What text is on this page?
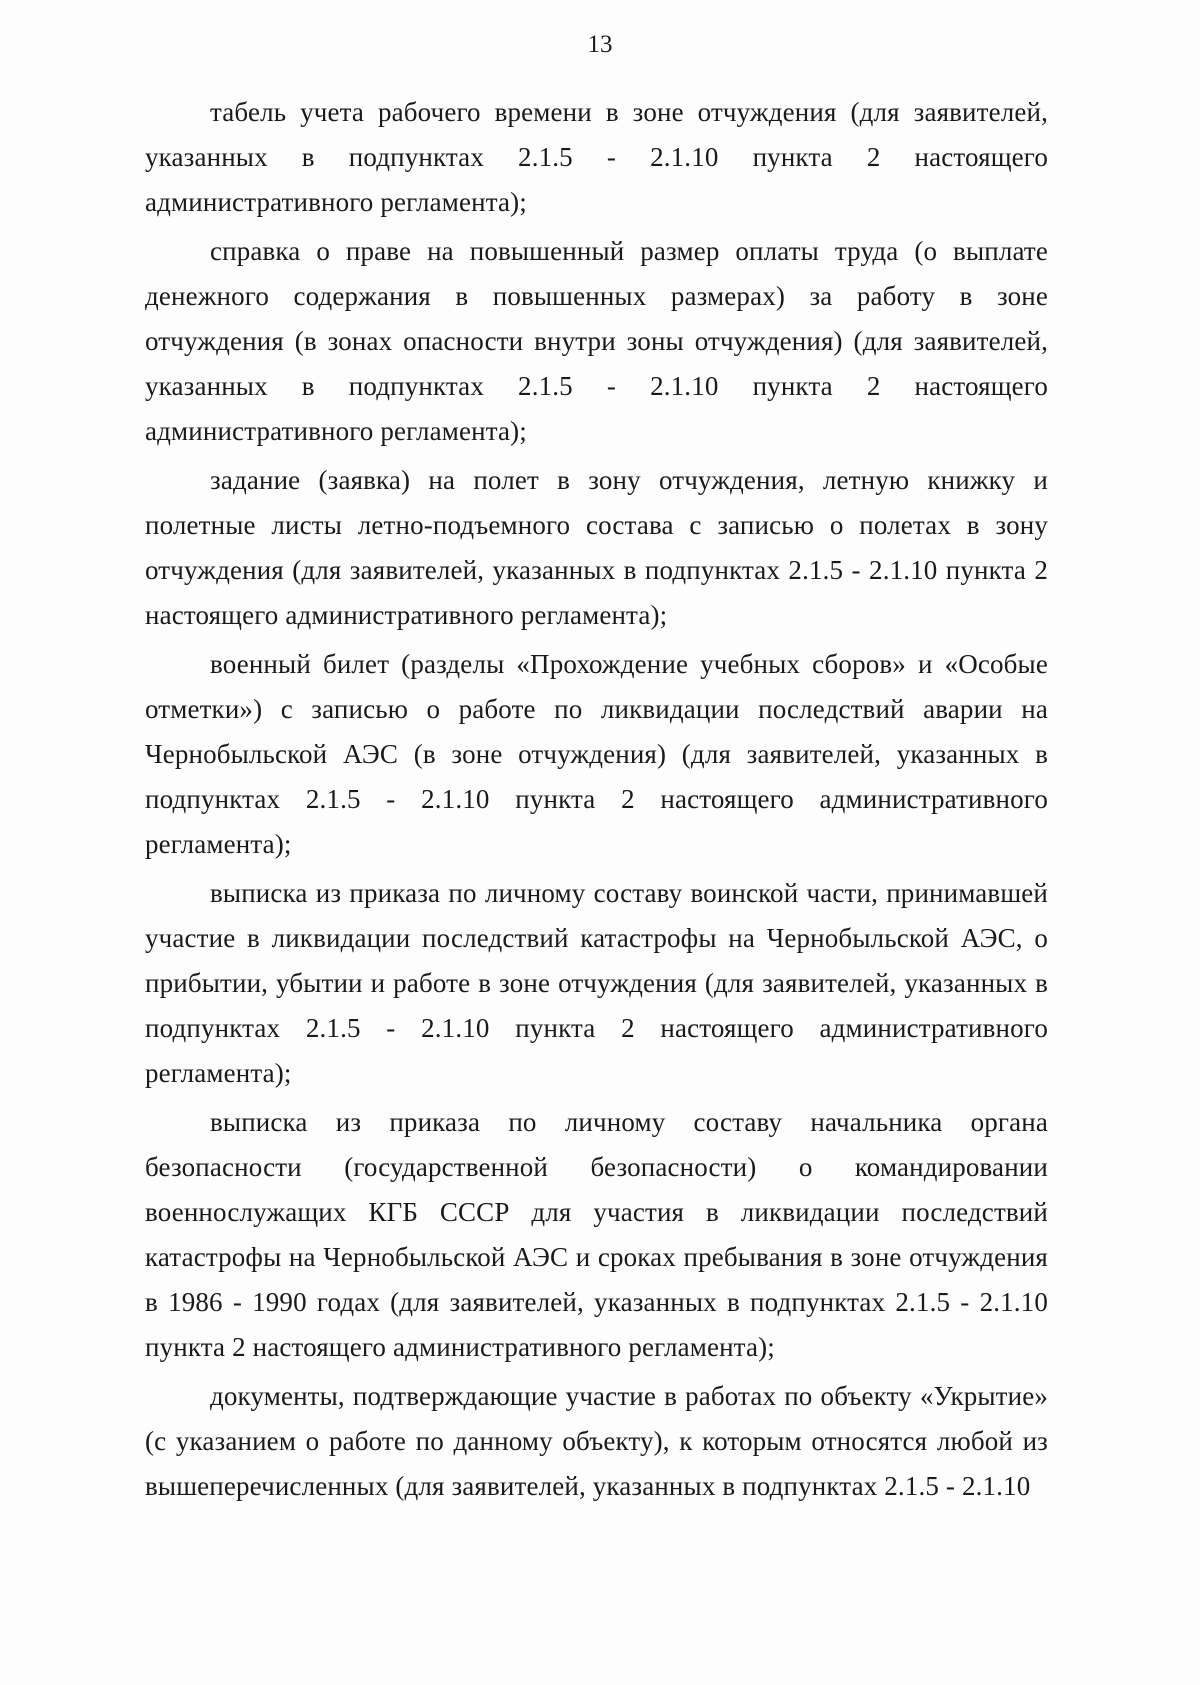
13

табель учета рабочего времени в зоне отчуждения (для заявителей, указанных в подпунктах 2.1.5 - 2.1.10 пункта 2 настоящего административного регламента);

справка о праве на повышенный размер оплаты труда (о выплате денежного содержания в повышенных размерах) за работу в зоне отчуждения (в зонах опасности внутри зоны отчуждения) (для заявителей, указанных в подпунктах 2.1.5 - 2.1.10 пункта 2 настоящего административного регламента);

задание (заявка) на полет в зону отчуждения, летную книжку и полетные листы летно-подъемного состава с записью о полетах в зону отчуждения (для заявителей, указанных в подпунктах 2.1.5 - 2.1.10 пункта 2 настоящего административного регламента);

военный билет (разделы «Прохождение учебных сборов» и «Особые отметки») с записью о работе по ликвидации последствий аварии на Чернобыльской АЭС (в зоне отчуждения) (для заявителей, указанных в подпунктах 2.1.5 - 2.1.10 пункта 2 настоящего административного регламента);

выписка из приказа по личному составу воинской части, принимавшей участие в ликвидации последствий катастрофы на Чернобыльской АЭС, о прибытии, убытии и работе в зоне отчуждения (для заявителей, указанных в подпунктах 2.1.5 - 2.1.10 пункта 2 настоящего административного регламента);

выписка из приказа по личному составу начальника органа безопасности (государственной безопасности) о командировании военнослужащих КГБ СССР для участия в ликвидации последствий катастрофы на Чернобыльской АЭС и сроках пребывания в зоне отчуждения в 1986 - 1990 годах (для заявителей, указанных в подпунктах 2.1.5 - 2.1.10 пункта 2 настоящего административного регламента);

документы, подтверждающие участие в работах по объекту «Укрытие» (с указанием о работе по данному объекту), к которым относятся любой из вышеперечисленных (для заявителей, указанных в подпунктах 2.1.5 - 2.1.10
